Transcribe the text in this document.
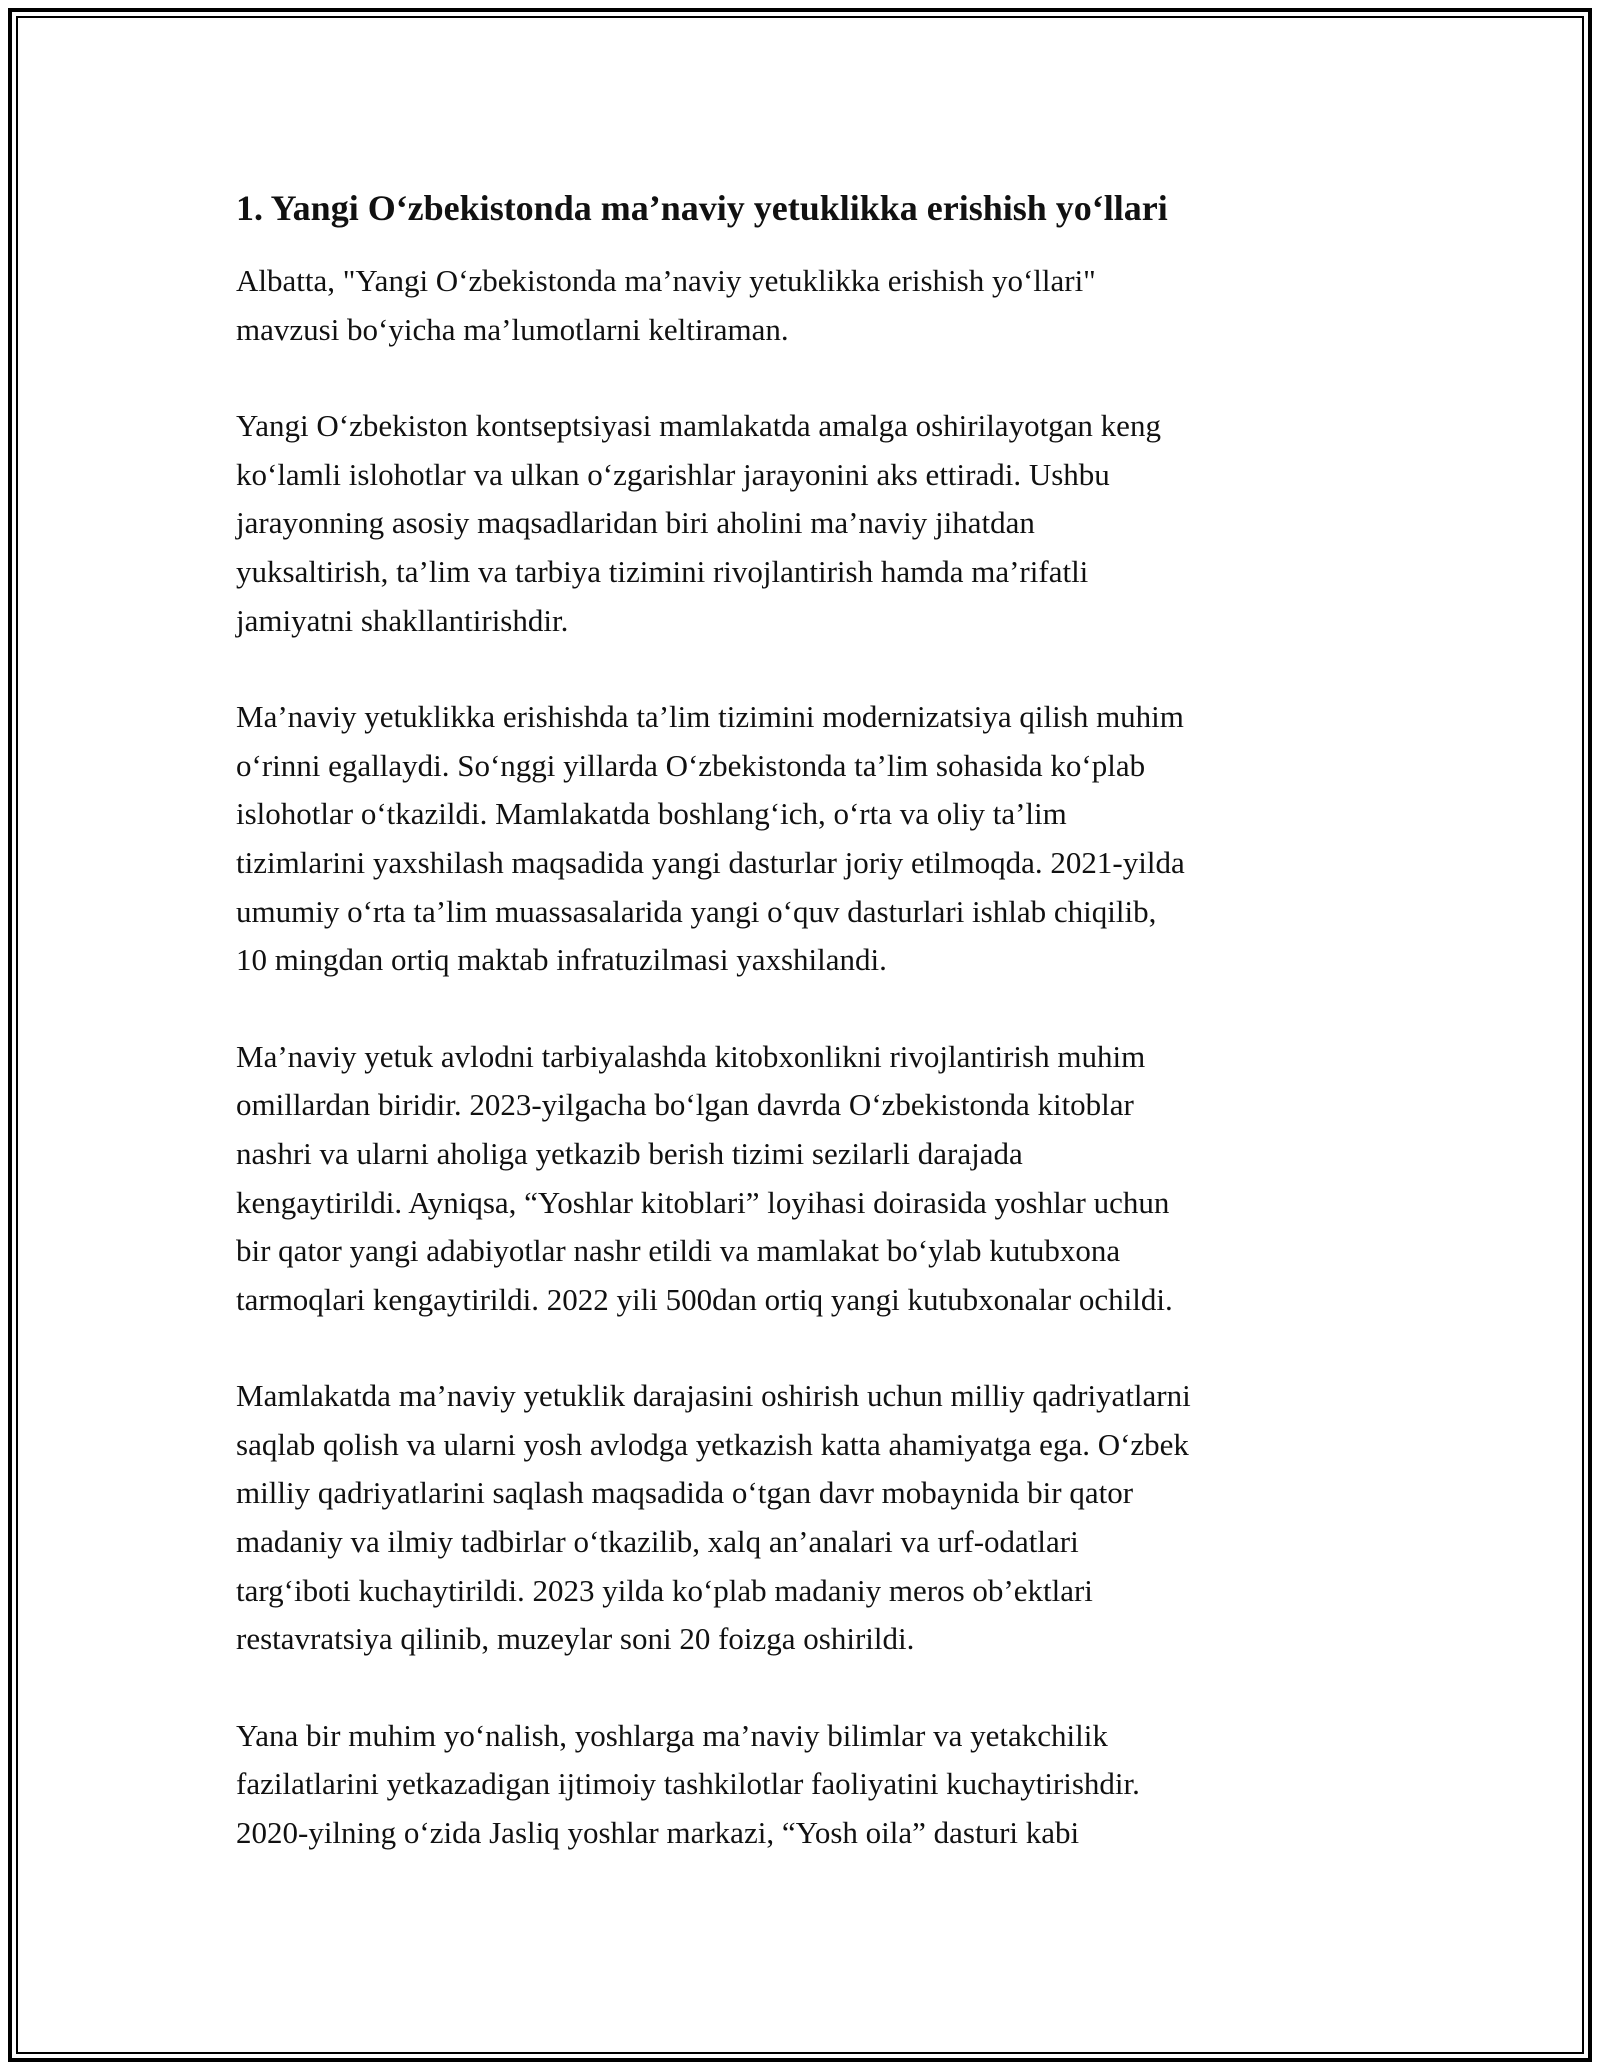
1. Yangi O‘zbekistonda ma’naviy yetuklikka erishish yo‘llari

Albatta, "Yangi O‘zbekistonda ma’naviy yetuklikka erishish yo‘llari"
mavzusi bo‘yicha ma’lumotlarni keltiraman.

Yangi O‘zbekiston kontseptsiyasi mamlakatda amalga oshirilayotgan keng
ko‘lamli islohotlar va ulkan o‘zgarishlar jarayonini aks ettiradi. Ushbu
jarayonning asosiy maqsadlaridan biri aholini ma’naviy jihatdan
yuksaltirish, ta’lim va tarbiya tizimini rivojlantirish hamda ma’rifatli
jamiyatni shakllantirishdir.

Ma’naviy yetuklikka erishishda ta’lim tizimini modernizatsiya qilish muhim
o‘rinni egallaydi. So‘nggi yillarda O‘zbekistonda ta’lim sohasida ko‘plab
islohotlar o‘tkazildi. Mamlakatda boshlang‘ich, o‘rta va oliy ta’lim
tizimlarini yaxshilash maqsadida yangi dasturlar joriy etilmoqda. 2021-yilda
umumiy o‘rta ta’lim muassasalarida yangi o‘quv dasturlari ishlab chiqilib,
10 mingdan ortiq maktab infratuzilmasi yaxshilandi.

Ma’naviy yetuk avlodni tarbiyalashda kitobxonlikni rivojlantirish muhim
omillardan biridir. 2023-yilgacha bo‘lgan davrda O‘zbekistonda kitoblar
nashri va ularni aholiga yetkazib berish tizimi sezilarli darajada
kengaytirildi. Ayniqsa, “Yoshlar kitoblari” loyihasi doirasida yoshlar uchun
bir qator yangi adabiyotlar nashr etildi va mamlakat bo‘ylab kutubxona
tarmoqlari kengaytirildi. 2022 yili 500dan ortiq yangi kutubxonalar ochildi.

Mamlakatda ma’naviy yetuklik darajasini oshirish uchun milliy qadriyatlarni
saqlab qolish va ularni yosh avlodga yetkazish katta ahamiyatga ega. O‘zbek
milliy qadriyatlarini saqlash maqsadida o‘tgan davr mobaynida bir qator
madaniy va ilmiy tadbirlar o‘tkazilib, xalq an’analari va urf-odatlari
targ‘iboti kuchaytirildi. 2023 yilda ko‘plab madaniy meros ob’ektlari
restavratsiya qilinib, muzeylar soni 20 foizga oshirildi.

Yana bir muhim yo‘nalish, yoshlarga ma’naviy bilimlar va yetakchilik
fazilatlarini yetkazadigan ijtimoiy tashkilotlar faoliyatini kuchaytirishdir.
2020-yilning o‘zida Jasliq yoshlar markazi, “Yosh oila” dasturi kabi
